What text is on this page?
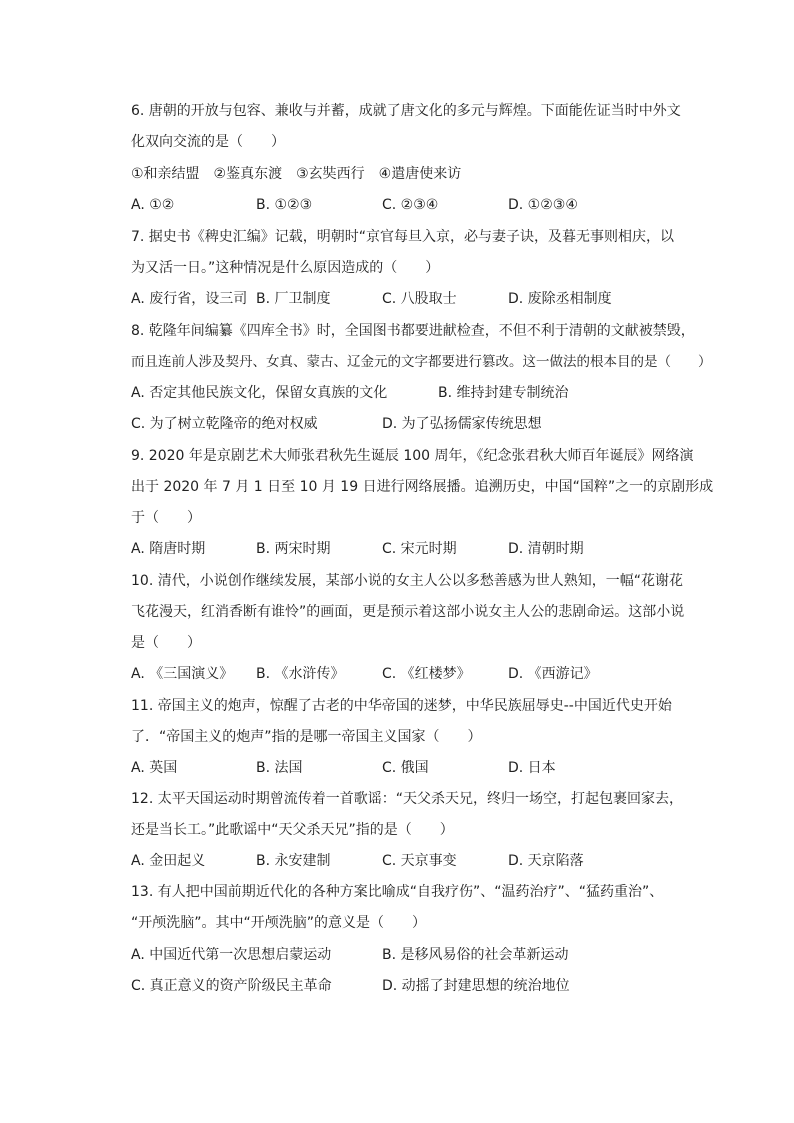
6. 唐朝的开放与包容、兼收与并蓄，成就了唐文化的多元与辉煌。下面能佐证当时中外文
化双向交流的是（　　）
①和亲结盟　②鉴真东渡　③玄奘西行　④遣唐使来访
A. ①②	B. ①②③	C. ②③④	D. ①②③④
7. 据史书《稗史汇编》记载，明朝时“京官每旦入京，必与妻子诀，及暮无事则相庆，以
为又活一日。”这种情况是什么原因造成的（　　）
A. 废行省，设三司 B. 厂卫制度	C. 八股取士	D. 废除丞相制度
8. 乾隆年间编纂《四库全书》时，全国图书都要进献检查，不但不利于清朝的文献被禁毁，
而且连前人涉及契丹、女真、蒙古、辽金元的文字都要进行篡改。这一做法的根本目的是（　　）
A. 否定其他民族文化，保留女真族的文化	B. 维持封建专制统治
C. 为了树立乾隆帝的绝对权威	D. 为了弘扬儒家传统思想
9. 2020 年是京剧艺术大师张君秋先生诞辰 100 周年，《纪念张君秋大师百年诞辰》网络演
出于 2020 年 7 月 1 日至 10 月 19 日进行网络展播。追溯历史，中国“国粹”之一的京剧形成
于（　　）
A. 隋唐时期	B. 两宋时期	C. 宋元时期	D. 清朝时期
10. 清代，小说创作继续发展，某部小说的女主人公以多愁善感为世人熟知，一幅“花谢花
飞花漫天，红消香断有谁怜”的画面，更是预示着这部小说女主人公的悲剧命运。这部小说
是（　　）
A. 《三国演义》 B. 《水浒传》	C. 《红楼梦》	D. 《西游记》
11. 帝国主义的炮声，惊醒了古老的中华帝国的迷梦，中华民族屈辱史--中国近代史开始
了．“帝国主义的炮声”指的是哪一帝国主义国家（　　）
A. 英国	B. 法国	C. 俄国	D. 日本
12. 太平天国运动时期曾流传着一首歌谣：“天父杀天兄，终归一场空，打起包裹回家去，
还是当长工。”此歌谣中“天父杀天兄”指的是（　　）
A. 金田起义	B. 永安建制	C. 天京事变	D. 天京陷落
13. 有人把中国前期近代化的各种方案比喻成“自我疗伤”、“温药治疗”、“猛药重治”、
“开颅洗脑”。其中“开颅洗脑”的意义是（　　）
A. 中国近代第一次思想启蒙运动	B. 是移风易俗的社会革新运动
C. 真正意义的资产阶级民主革命	D. 动摇了封建思想的统治地位
